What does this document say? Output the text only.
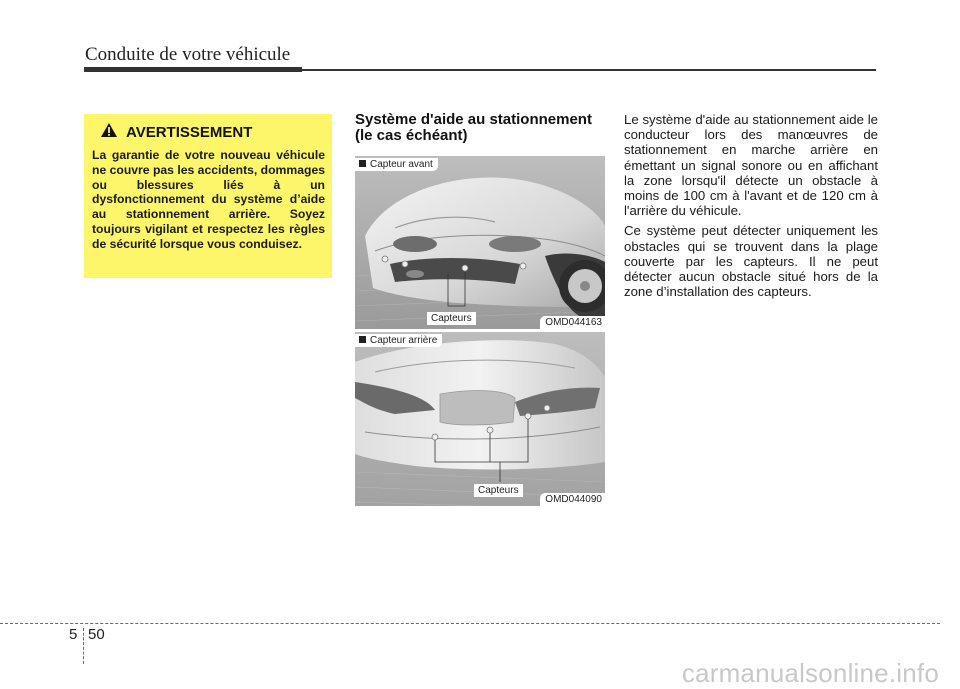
Conduite de votre véhicule
AVERTISSEMENT
La garantie de votre nouveau véhicule ne couvre pas les accidents, dommages ou blessures liés à un dysfonctionnement du système d’aide au stationnement arrière. Soyez toujours vigilant et respectez les règles de sécurité lorsque vous conduisez.
Système d'aide au stationnement
(le cas échéant)
Capteur avant
Capteurs	OMD044163
Capteur arrière
Capteurs
OMD044090

Le système d'aide au stationnement aide le conducteur lors des manœuvres de stationnement en marche arrière en émettant un signal sonore ou en affichant la zone lorsqu'il détecte un obstacle à moins de 100 cm à l'avant et de 120 cm à l'arrière du véhicule.

Ce système peut détecter uniquement les obstacles qui se trouvent dans la plage couverte par les capteurs. Il ne peut détecter aucun obstacle situé hors de la zone d’installation des capteurs.

5 50
carmanualsonline.info
